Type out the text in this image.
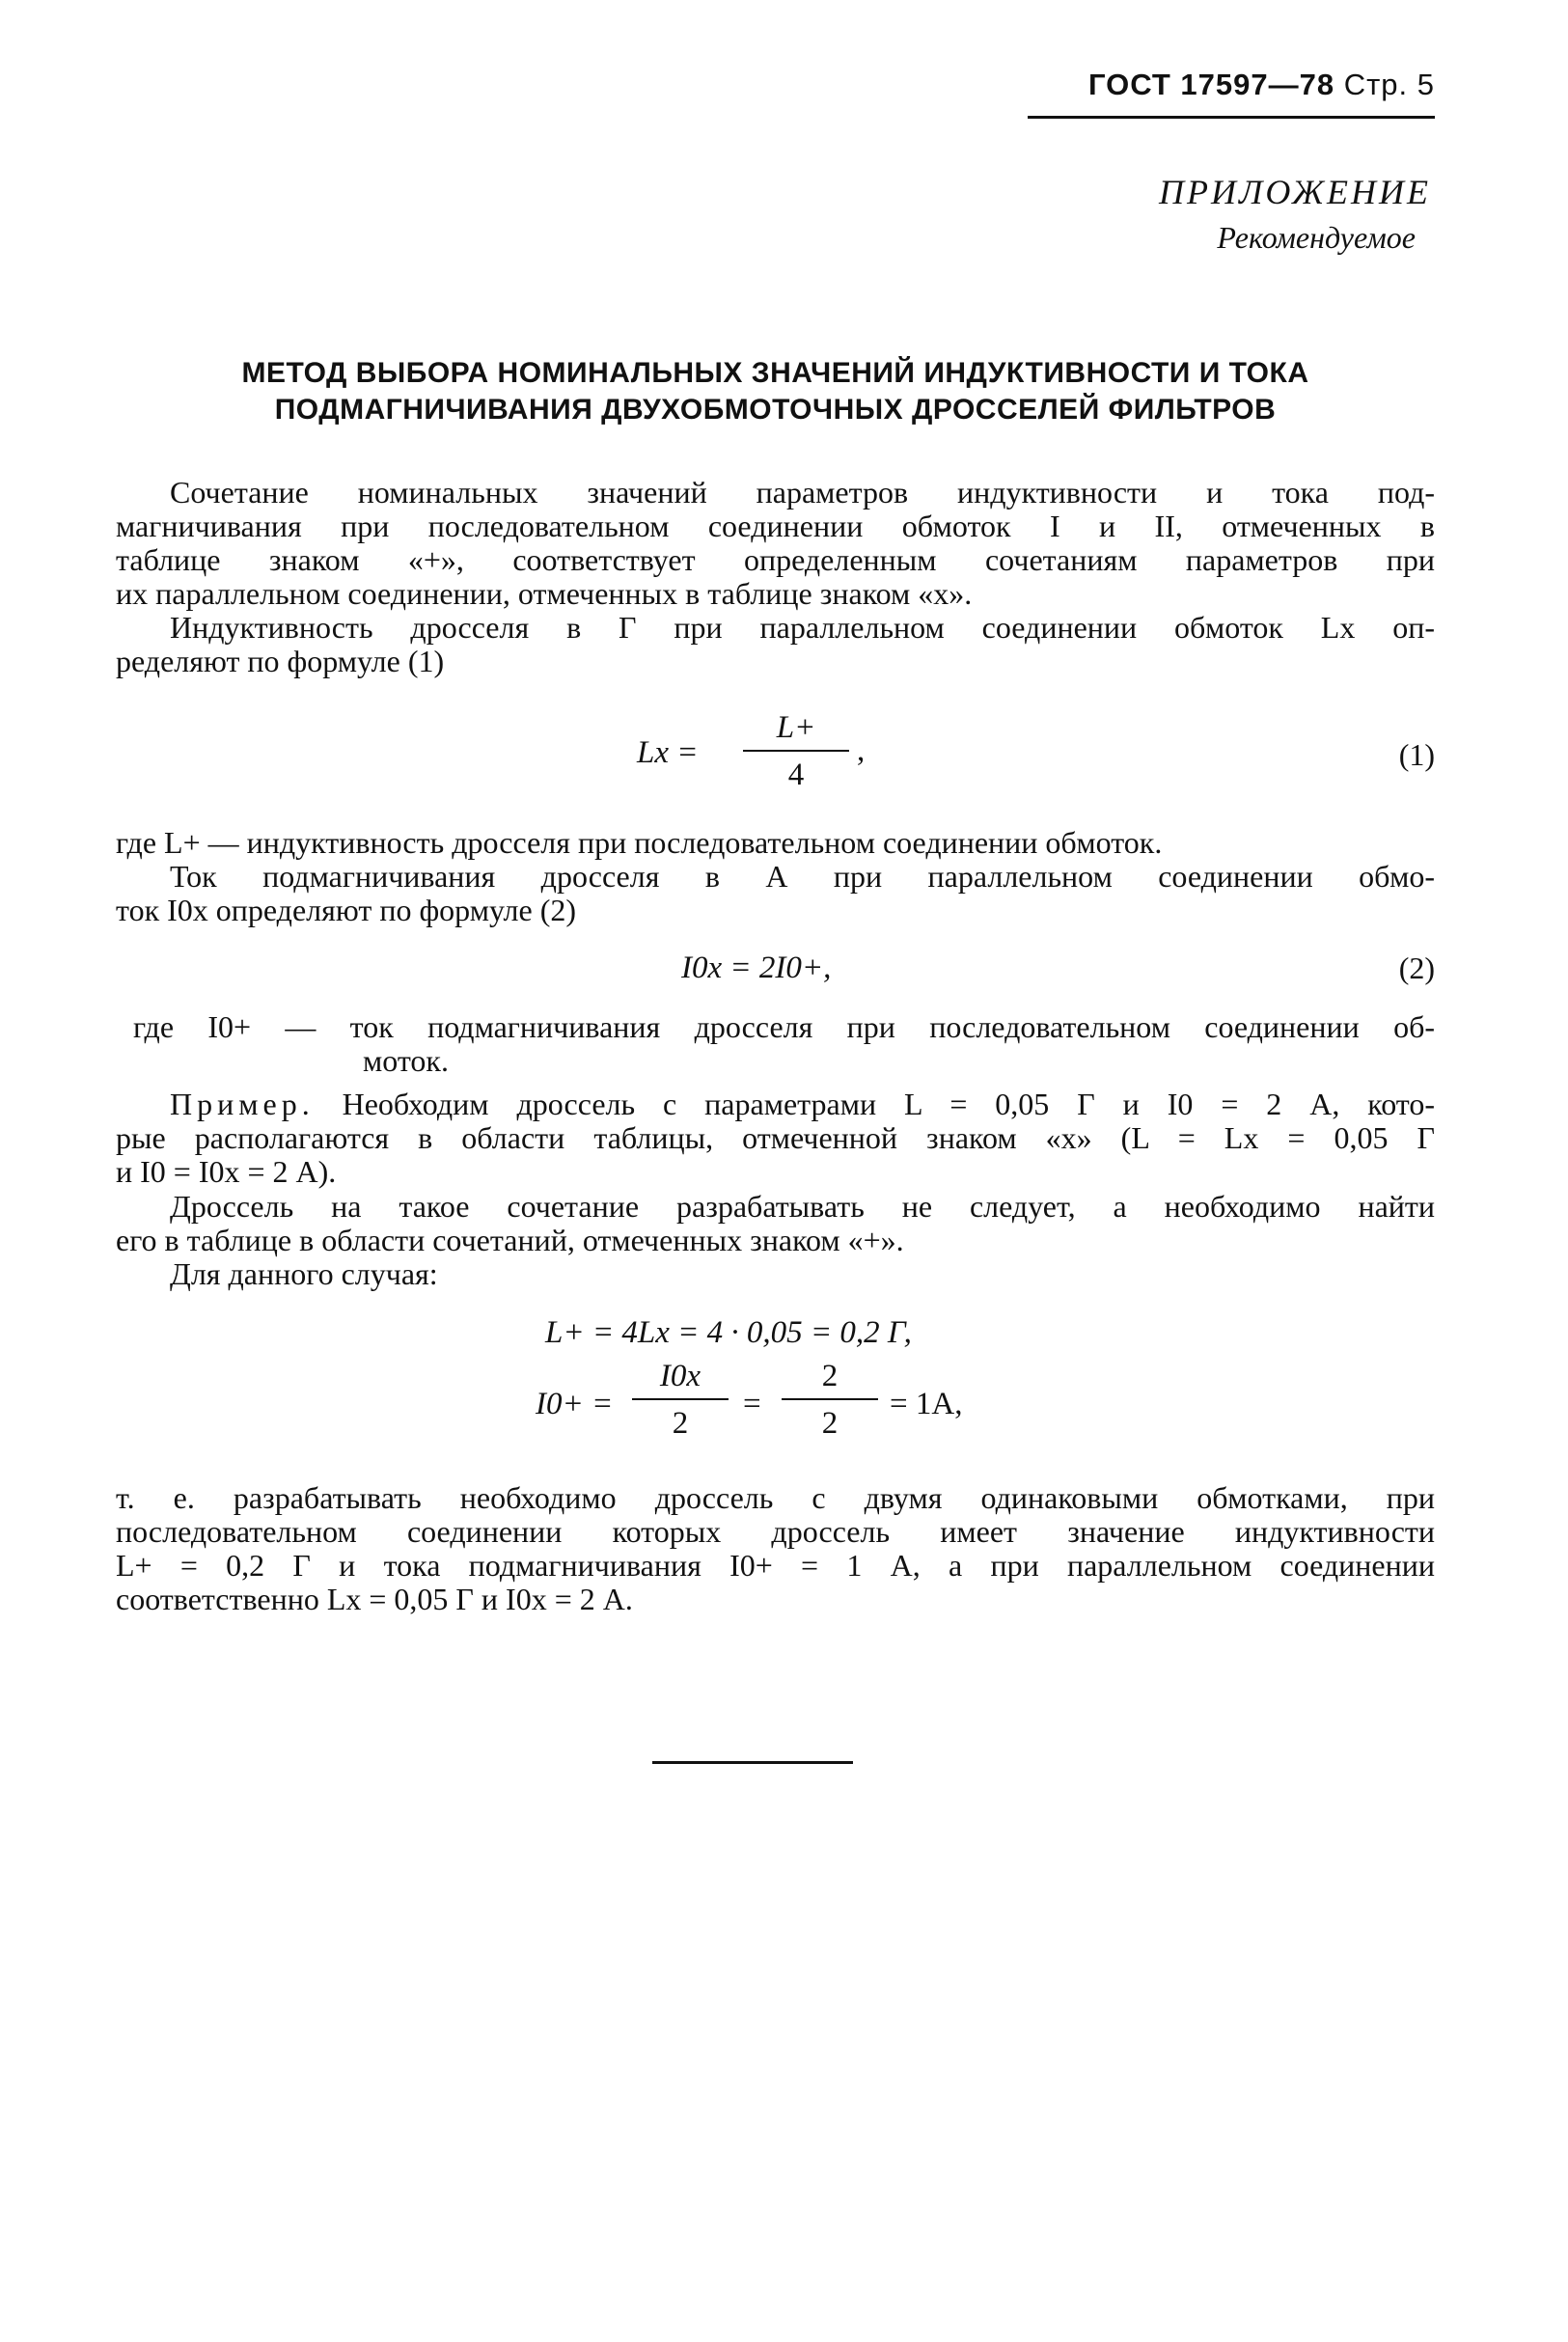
ГОСТ 17597—78 Стр. 5
ПРИЛОЖЕНИЕ
Рекомендуемое
МЕТОД ВЫБОРА НОМИНАЛЬНЫХ ЗНАЧЕНИЙ ИНДУКТИВНОСТИ И ТОКА
ПОДМАГНИЧИВАНИЯ ДВУХОБМОТОЧНЫХ ДРОССЕЛЕЙ ФИЛЬТРОВ
Сочетание номинальных значений параметров индуктивности и тока под-
магничивания при последовательном соединении обмоток I и II, отмеченных в
таблице знаком «+», соответствует определенным сочетаниям параметров при
их параллельном соединении, отмеченных в таблице знаком «х».
Индуктивность дросселя в Г при параллельном соединении обмоток Lх оп-
ределяют по формуле (1)
Lх = $\frac{L+}{4}$ ,	(1)
где L+ — индуктивность дросселя при последовательном соединении обмоток.
Ток подмагничивания дросселя в А при параллельном соединении обмо-
ток I0х определяют по формуле (2)
I0х = 2I0+,	(2)
где I0+ — ток подмагничивания дросселя при последовательном соединении об-
моток.
Пример. Необходим дроссель с параметрами L = 0,05 Г и I0 = 2 А, кото-
рые располагаются в области таблицы, отмеченной знаком «х» (L = Lх = 0,05 Г
и I0 = I0х = 2 А).
Дроссель на такое сочетание разрабатывать не следует, а необходимо найти
его в таблице в области сочетаний, отмеченных знаком «+».
Для данного случая:
L+ = 4Lх = 4 · 0,05 = 0,2 Г,
I0+ =
I0х
2
= $\frac{2}{2} = 1А$,
т. е. разрабатывать необходимо дроссель с двумя одинаковыми обмотками, при
последовательном соединении которых дроссель имеет значение индуктивности
L+ = 0,2 Г и тока подмагничивания I0+ = 1 А, а при параллельном соединении
соответственно Lх = 0,05 Г и I0х = 2 А.
